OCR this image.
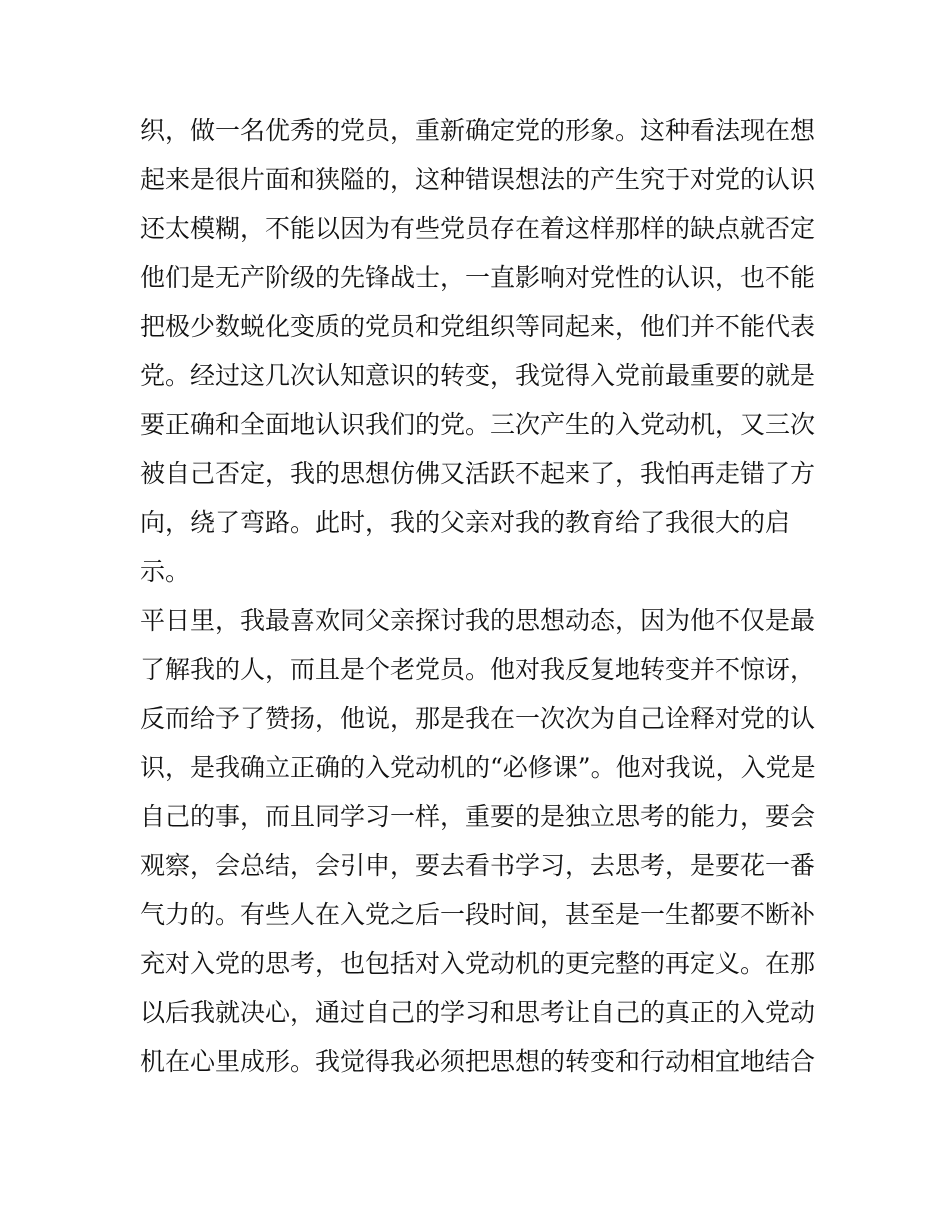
织，做一名优秀的党员，重新确定党的形象。这种看法现在想
起来是很片面和狭隘的，这种错误想法的产生究于对党的认识
还太模糊，不能以因为有些党员存在着这样那样的缺点就否定
他们是无产阶级的先锋战士，一直影响对党性的认识，也不能
把极少数蜕化变质的党员和党组织等同起来，他们并不能代表
党。经过这几次认知意识的转变，我觉得入党前最重要的就是
要正确和全面地认识我们的党。三次产生的入党动机，又三次
被自己否定，我的思想仿佛又活跃不起来了，我怕再走错了方
向，绕了弯路。此时，我的父亲对我的教育给了我很大的启
示。
平日里，我最喜欢同父亲探讨我的思想动态，因为他不仅是最
了解我的人，而且是个老党员。他对我反复地转变并不惊讶，
反而给予了赞扬，他说，那是我在一次次为自己诠释对党的认
识，是我确立正确的入党动机的“必修课”。他对我说，入党是
自己的事，而且同学习一样，重要的是独立思考的能力，要会
观察，会总结，会引申，要去看书学习，去思考，是要花一番
气力的。有些人在入党之后一段时间，甚至是一生都要不断补
充对入党的思考，也包括对入党动机的更完整的再定义。在那
以后我就决心，通过自己的学习和思考让自己的真正的入党动
机在心里成形。我觉得我必须把思想的转变和行动相宜地结合
